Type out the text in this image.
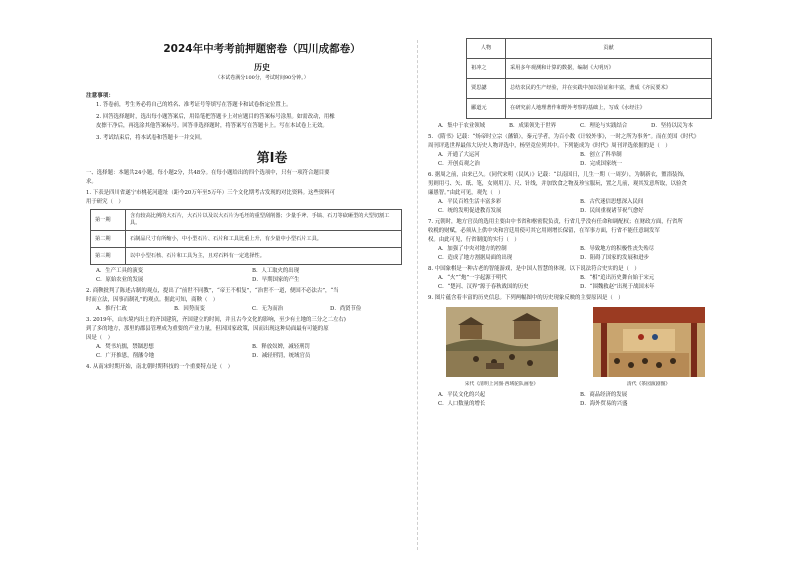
2024年中考考前押题密卷（四川成都卷）
历史
（本试卷满分100分，考试时间90分钟。）
注意事项：
1. 答卷前，考生务必将自己的姓名、准考证号等填写在答题卡和试卷指定位置上。
2. 回答选择题时，选出每小题答案后，用铅笔把答题卡上对应题目的答案标号涂黑。如需改动，用橡
皮擦干净后，再选涂其他答案标号。回答非选择题时，将答案写在答题卡上。写在本试卷上无效。
3. 考试结束后，将本试卷和答题卡一并交回。
第Ⅰ卷
一、选择题：本题共24小题，每小题2分，共48分。在每小题给出的四个选项中，只有一项符合题目要
求。
1. 下表是四川省遂宁市桃花河遗址（距今20万年至5万年）三个文化期考古发现的对比资料。这些资料可
用于研究（　）
第一期	含有较高比例的大石片，大石片以及以大石片为毛坯的重型刮削器；少量手斧、手镐、石刀等砍砸型的大型切割工具。
第二期	石制品尺寸有所缩小，中小型石片、石片和工具比重上升，有少量中小型石片工具。
第三期	以中小型石核、石片和工具为主，且对石料有一定选择性。
A．生产工具的演变	B．人工取火的出现
C．原始农业的发展	D．早期国家的产生
2. 商鞅批判了陈述古制的观点，提出了“前世不同教”，“帝王不相复”，“治世不一道，便国不必法古”，“当
时而立法，因事而制礼”的观点。据此可知，商鞅（　）
A．推行仁政	B．因势而变	C．无为而治	D．尚贤节俭
3. 2019年，山东境内出土的齐国建筑，齐国建立的时间，并且古今文化的影响，至少有土地的三分之二左右)
到了多的地方，那里的郡县管理成为重要的产业力量，但因国家政策，因而出现这种局面最有可能的原
因是（　）
A．焚书坑儒，禁锢思想	B．释放奴婢，减轻刑罚
C．广开推恩，削藩令地	D．减轻刑罚，统域官员
4. 从南宋时期开始，南北朝时期科技的一个重要特点是（　）
人物	贡献
祖冲之	采用多年观测和计算的数据，编制《大明历》
贾思勰	总结农民的生产经验，并在实践中加以验证和丰富，著成《齐民要术》
郦道元	在研究前人地理著作和野外考察的基础上，写成《水经注》
A．集中于农业领域	B．成果领先于世界	C．理论与实践结合	D．坚持以民为本
5. 《隋书》记载：“炀帝时立宗（藩镇），秦元学者，为百小数《计较外事》，一时之所为事务”。而在美国《时代》
周刊评选世界最伟大历史人物评选中，杨坚竟位列其中。下列能成为《时代》周刊评选依据的是（　）
A．开通了大运河	B．创立了科举制
C．开创贞观之治	D．完成国家统一
6. 据周之前，由来已久。《同代宋明（民风）》记载：“以南国日，儿生一期（一周岁），为制新衣，盥浴装饰，
男则用弓、矢、纸、笔，女则用刀、尺、针线，并加饮食之物及珍宝服玩，置之儿前，观其发意所取，以验贪
廉愚智。”由此可见，观先（　）
A．平民百姓生活丰富多彩	B．古代迷信思想深入民间
C．统的发明促进教育发展	D．民间重视诸节祝气愈好
7. 元朝时，地方官员的选用主要由中书省和枢密院负责，行省几乎没有任命和调配权；在财政方面，行省所
收税的财赋，必须从上供中央和宫廷用使可其它用则增长保留，在军事方面，行省不能任意调发军
权。由此可见，行省制度的实行（　）
A．加强了中央对地方的控制	B．导致地方的积极性丧失殆尽
C．造成了地方割据局面的出现	D．阻碍了国家的发展和进步
8. 中国象棋是一种古老的智能游戏，是中国人智慧的体现。以下说法符合史实的是（　）
A．“火”“炮”一字起源于明代	B．“相”追出历史舞台始于宋元
C．“楚河、汉界”源于春秋战国的历史	D．“围魏救赵”出现于战国末年
9. 图片蕴含着丰富的历史信息。下列两幅图中的历史现象反映的主要原因是（　）
宋代《清明上河图·西域驼队画卷》	清代《茶园演剧图》
A．平民文化的兴起	B．商品经济的发展
C．人口数量的增长	D．海外贸易的兴盛
